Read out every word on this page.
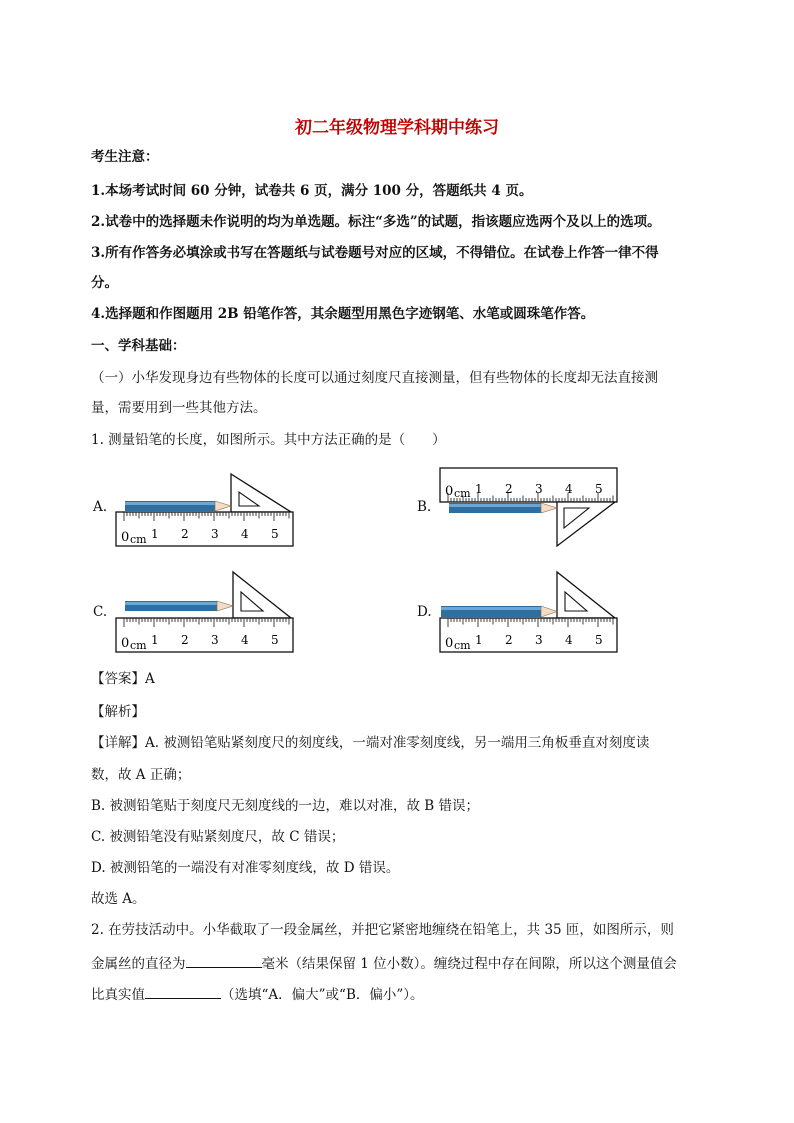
初二年级物理学科期中练习
考生注意：
1.本场考试时间 60 分钟，试卷共 6 页，满分 100 分，答题纸共 4 页。
2.试卷中的选择题未作说明的均为单选题。标注“多选”的试题，指该题应选两个及以上的选项。
3.所有作答务必填涂或书写在答题纸与试卷题号对应的区域，不得错位。在试卷上作答一律不得
分。
4.选择题和作图题用 2B 铅笔作答，其余题型用黑色字迹钢笔、水笔或圆珠笔作答。
一、学科基础：
（一）小华发现身边有些物体的长度可以通过刻度尺直接测量，但有些物体的长度却无法直接测
量，需要用到一些其他方法。
1. 测量铅笔的长度，如图所示。其中方法正确的是（　　）
A.
0 cm 1 2 3 4 5
B.
0 cm 1 2 3 4 5
C.
0 cm 1 2 3 4 5
D.
0 cm 1 2 3 4 5
【答案】A
【解析】
【详解】A. 被测铅笔贴紧刻度尺的刻度线，一端对准零刻度线，另一端用三角板垂直对刻度读
数，故 A 正确；
B. 被测铅笔贴于刻度尺无刻度线的一边，难以对准，故 B 错误；
C. 被测铅笔没有贴紧刻度尺，故 C 错误；
D. 被测铅笔的一端没有对准零刻度线，故 D 错误。
故选 A。
2. 在劳技活动中。小华截取了一段金属丝，并把它紧密地缠绕在铅笔上，共 35 匝，如图所示，则
金属丝的直径为	毫米（结果保留 1 位小数）。缠绕过程中存在间隙，所以这个测量值会
比真实值	（选填“A．偏大”或“B．偏小”）。
